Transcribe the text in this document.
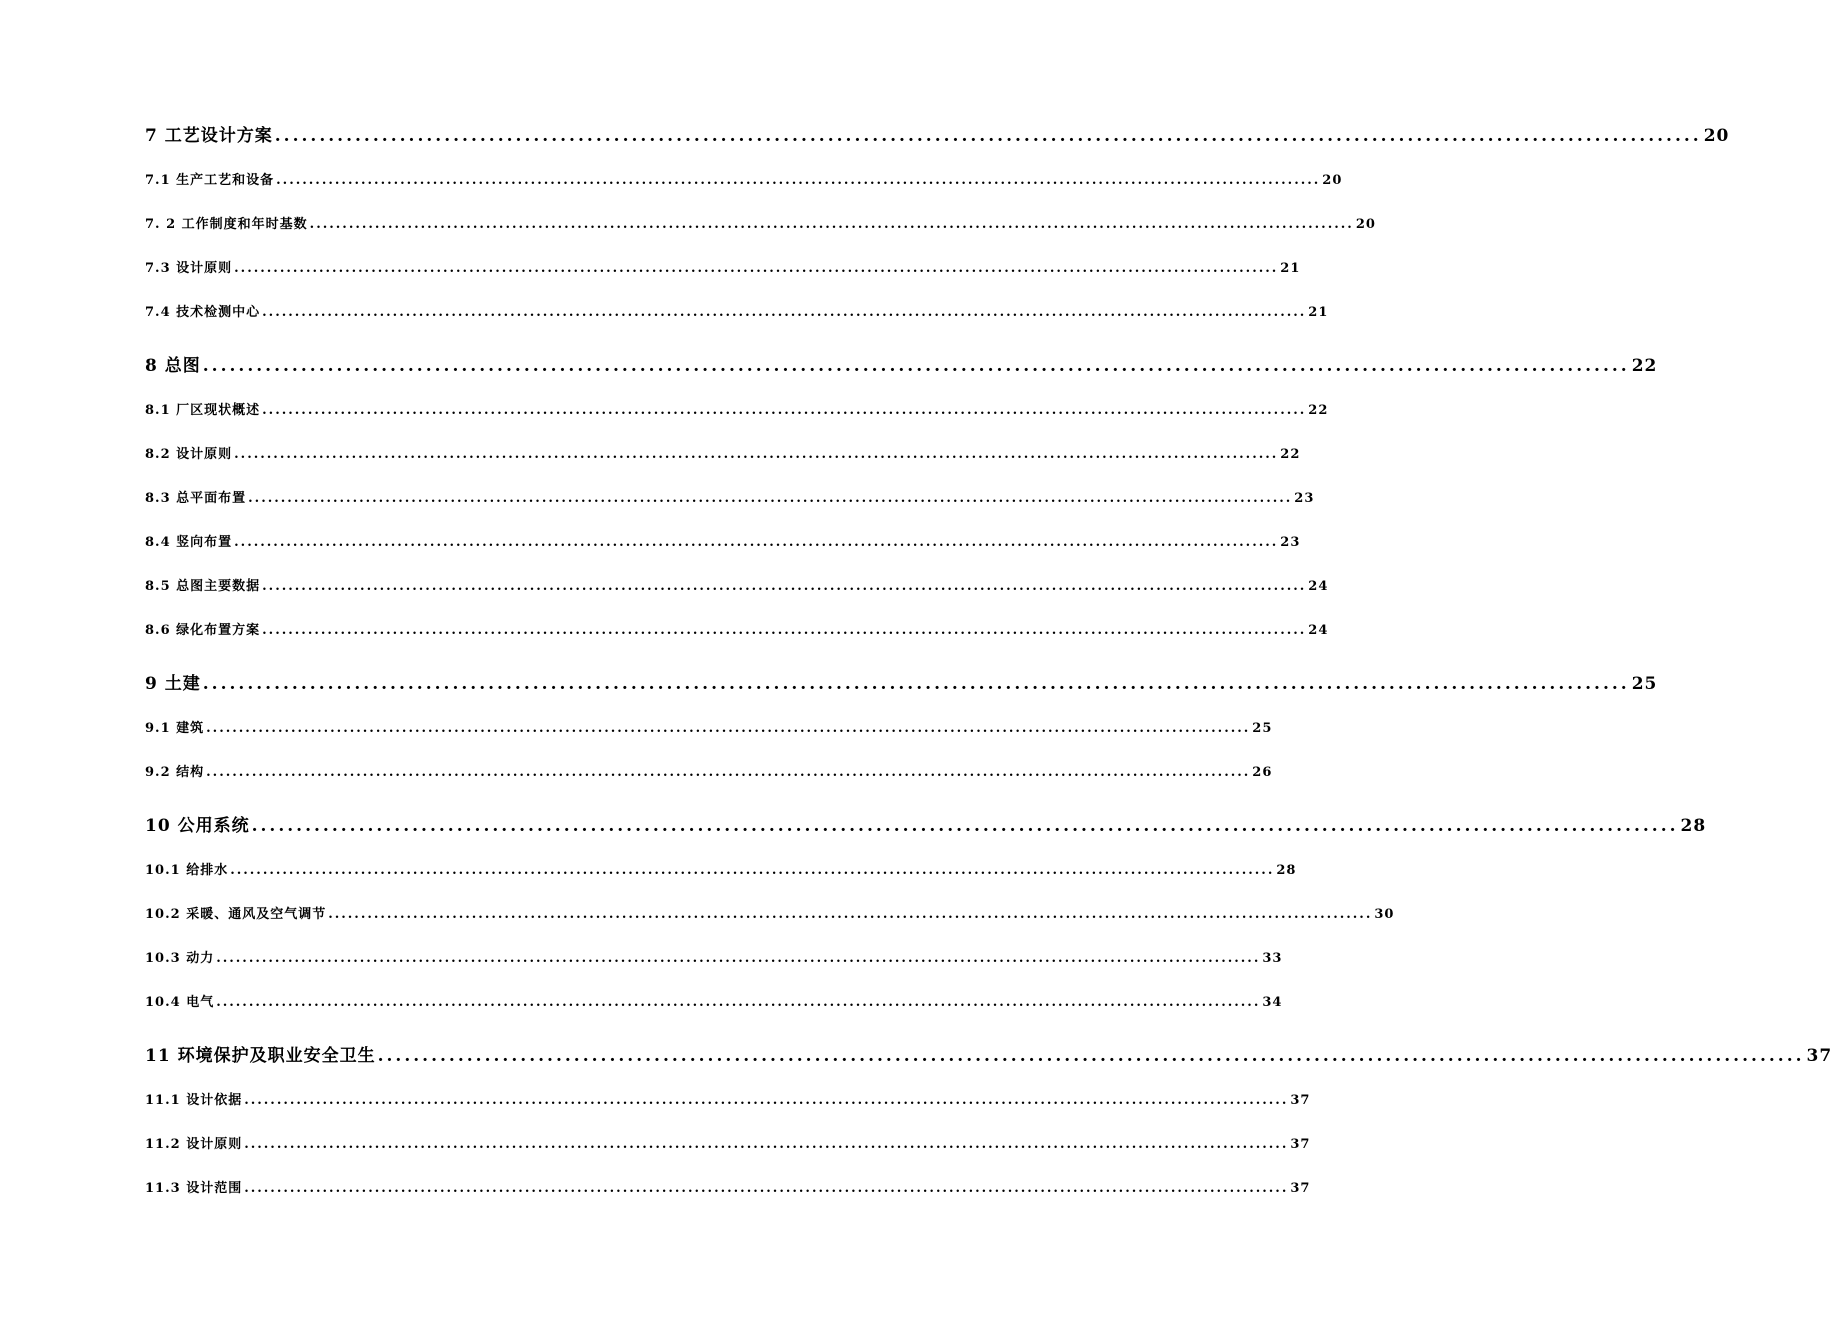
7 工艺设计方案 ................................................................................................................................................................ 20
7.1 生产工艺和设备 ................................................................................................................................................................ 20
7. 2 工作制度和年时基数 ................................................................................................................................................................ 20
7.3 设计原则 ................................................................................................................................................................ 21
7.4 技术检测中心 ................................................................................................................................................................ 21
8 总图 ................................................................................................................................................................ 22
8.1 厂区现状概述 ................................................................................................................................................................ 22
8.2 设计原则 ................................................................................................................................................................ 22
8.3 总平面布置 ................................................................................................................................................................ 23
8.4 竖向布置 ................................................................................................................................................................ 23
8.5 总图主要数据 ................................................................................................................................................................ 24
8.6 绿化布置方案 ................................................................................................................................................................ 24
9 土建 ................................................................................................................................................................ 25
9.1 建筑 ................................................................................................................................................................ 25
9.2 结构 ................................................................................................................................................................ 26
10 公用系统 ................................................................................................................................................................ 28
10.1 给排水 ................................................................................................................................................................ 28
10.2 采暖、通风及空气调节 ................................................................................................................................................................ 30
10.3 动力 ................................................................................................................................................................ 33
10.4 电气 ................................................................................................................................................................ 34
11 环境保护及职业安全卫生 ................................................................................................................................................................ 37
11.1 设计依据 ................................................................................................................................................................ 37
11.2 设计原则 ................................................................................................................................................................ 37
11.3 设计范围 ................................................................................................................................................................ 37
